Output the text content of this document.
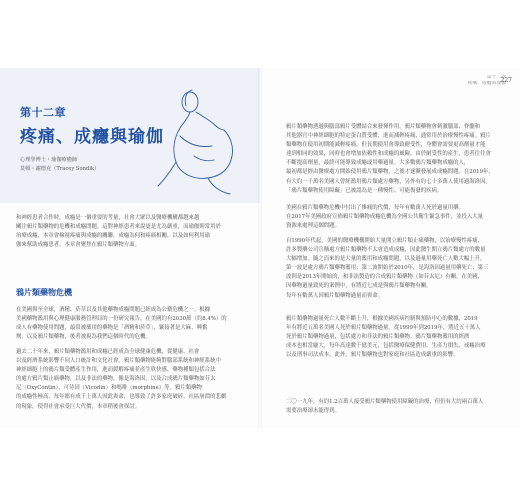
第十二章
疼痛、成癮與瑜伽
心理學博士・瑜伽療癒師
莫頓・謝德克（Tracey Sondik）
和神經患者合作時，成癮是一個重要的考量，社會大眾以及醫療機構都越來越
關注鴉片類藥物的危機和成癮問題。這對神經患者來說更是尤為嚴重，而瑜伽則常用於
治療成癮，本章會檢視疼痛與成癮的關聯，成癮為何和疼痛相關，以及如何利用瑜
伽來幫助成癮患者，本章會聚焦在鴉片類藥物方面。
鴉片類藥物危機
在美國與至全球，酒精、菸草以及其他藥物成癮問題已經成為公衛危機之一。根據
美國藥物濫用與心理健康服務管理局的一份研究報告，在美國約有2030萬（約8.4%）的
成人有藥物使用問題，最常被濫用的藥物是「酒精和菸草」，緊接著是大麻、興奮
劑，以及鴉片類藥物，後者被視為我們這個時代的危機。
過去二十年來，鴉片類藥物濫用和成癮已經成為全球健康危機，從健康、社會
以及經濟系統影響不同人口統計和文化社會。鴉片類藥物能夠對腦部系統和神經系統中
神經細胞上的鴉片類受體產生作用，進而緩解疼痛並產生欣快感，藥物種類包括合法
的處方鴉片類止痛藥物，以及非法的藥物，像是海洛因，以及合成鴉片類藥物如芬太
尼（OxyContin）、可待因（Vicodin）和嗎啡（morphine）等。鴉片類藥物
的成癮性極高，每年都有成千上萬人因此喪命，也導致了許多家庭破碎、社區崩潰的悲劇
的現象，使得社會承受巨大代價，本章稍後會探討。
第十二章
疼痛、成癮與瑜伽
227
鴉片類藥物透過與腦部鴉片受體結合來發揮作用。鴉片類藥物會刺激腦部、脊髓和
其他器官中神經細胞的特定蛋白質受體，進而減輕疼痛，通常用於治療慢性疼痛。鴉片
類藥物在使用初期能減輕疼痛，但長期使用會導致耐受性，身體會需要更高劑量才能
達到相同的效果，同時也會增加依賴性和成癮的風險。由於耐受性的產生，患者往往會
不斷提高劑量，最終可能導致成癮或用藥過量。大多數鴉片類藥物成癮的人，
最初都是經由醫療處方開始使用鴉片類藥物，之後才逐漸發展成成癮問題。在2019年，
有大約一千萬名美國人曾經濫用鴉片類處方藥物，另外有約七十多萬人使用過海洛因。
「鴉片類藥物使用障礙」已被認為是一種慢性、可能復發的疾病。
美國在鴉片類藥物危機中付出了慘痛的代價，每年有數萬人死於過量用藥。
在2017年美國政府宣佈鴉片類藥物成癮危機為全國公共衛生緊急事件，並投入大量
資源來處理這個問題。
自1990年代起，美國的醫療機構開始大量開立鴉片類止痛藥物，以治療慢性疼痛，
許多製藥公司宣稱處方鴉片類藥物不太會造成成癮，因此醫生開立鴉片類處方的數量
大幅增加。隨之而來的是大量的濫用和成癮問題，以及過量用藥死亡人數大幅上升，
第一波是處方鴉片類藥物濫用；第二波開始於2010年，是海洛因過量用藥死亡；第三
波則是2013年開始的，和非法製造的合成鴉片類藥物（如芬太尼）有關。在美國，
因藥物過量致死的案例中，有將近七成是與鴉片類藥物有關。
每年有數萬人因鴉片類藥物過量而喪命。
鴉片類藥物過量死亡人數不斷上升，根據美國疾病控制與預防中心的數據，2019
年有將近五萬名美國人死於鴉片類藥物過量。從1999年到2019年，將近五十萬人
死於鴉片類藥物過量，包括處方和非法的鴉片類藥物。鴉片類藥物濫用的經濟
成本也相當龐大，每年高達數千億美元，包括醫療保健費用、生產力損失、戒癮治療
以及刑事司法成本。此外，鴉片類藥物也對家庭和社區造成嚴重的影響。
二〇一九年，有約1.2百萬人接受鴉片類藥物使用障礙的治療，但仍有大約兩百萬人
需要治療卻未能得到。
